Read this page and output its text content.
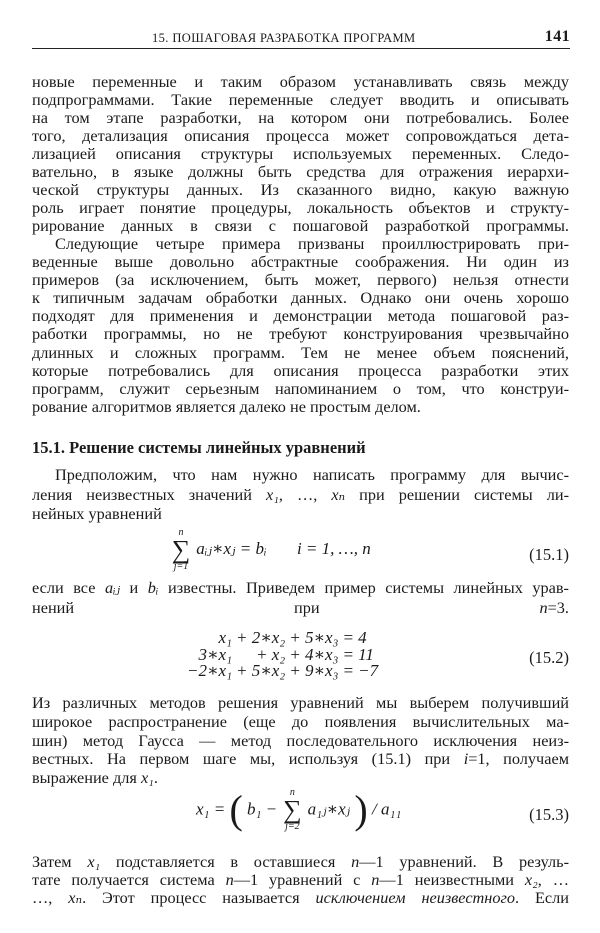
15. ПОШАГОВАЯ РАЗРАБОТКА ПРОГРАММ	141
новые переменные и таким образом устанавливать связь между
подпрограммами. Такие переменные следует вводить и описывать
на том этапе разработки, на котором они потребовались. Более
того, детализация описания процесса может сопровождаться дета-
лизацией описания структуры используемых переменных. Следо-
вательно, в языке должны быть средства для отражения иерархи-
ческой структуры данных. Из сказанного видно, какую важную
роль играет понятие процедуры, локальность объектов и структу-
рирование данных в связи с пошаговой разработкой программы.
Следующие четыре примера призваны проиллюстрировать при-
веденные выше довольно абстрактные соображения. Ни один из
примеров (за исключением, быть может, первого) нельзя отнести
к типичным задачам обработки данных. Однако они очень хорошо
подходят для применения и демонстрации метода пошаговой раз-
работки программы, но не требуют конструирования чрезвычайно
длинных и сложных программ. Тем не менее объем пояснений,
которые потребовались для описания процесса разработки этих
программ, служит серьезным напоминанием о том, что конструи-
рование алгоритмов является далеко не простым делом.
15.1. Решение системы линейных уравнений
Предположим, что нам нужно написать программу для вычис-
ления неизвестных значений x₁, …, xₙ при решении системы ли-
нейных уравнений
n
∑
j=1
aᵢⱼ∗xⱼ = bᵢ i = 1, …, n	(15.1)
если все aᵢⱼ и bᵢ известны. Приведем пример системы линейных урав-
нений при n=3.
x₁	+ 2∗x₂	+ 5∗x₃	= 4
3∗x₁	+ x₂	+ 4∗x₃	= 11
−2∗x₁	+ 5∗x₂	+ 9∗x₃	= −7
(15.2)
Из различных методов решения уравнений мы выберем получивший
широкое распространение (еще до появления вычислительных ма-
шин) метод Гаусса — метод последовательного исключения неиз-
вестных. На первом шаге мы, используя (15.1) при i=1, получаем
выражение для x₁.
x₁ = ( b₁ −
n
∑
j=2
a₁ⱼ∗xⱼ ) / a₁₁	(15.3)
Затем x₁ подставляется в оставшиеся n—1 уравнений. В резуль-
тате получается система n—1 уравнений с n—1 неизвестными x₂, …
…, xₙ. Этот процесс называется исключением неизвестного. Если
